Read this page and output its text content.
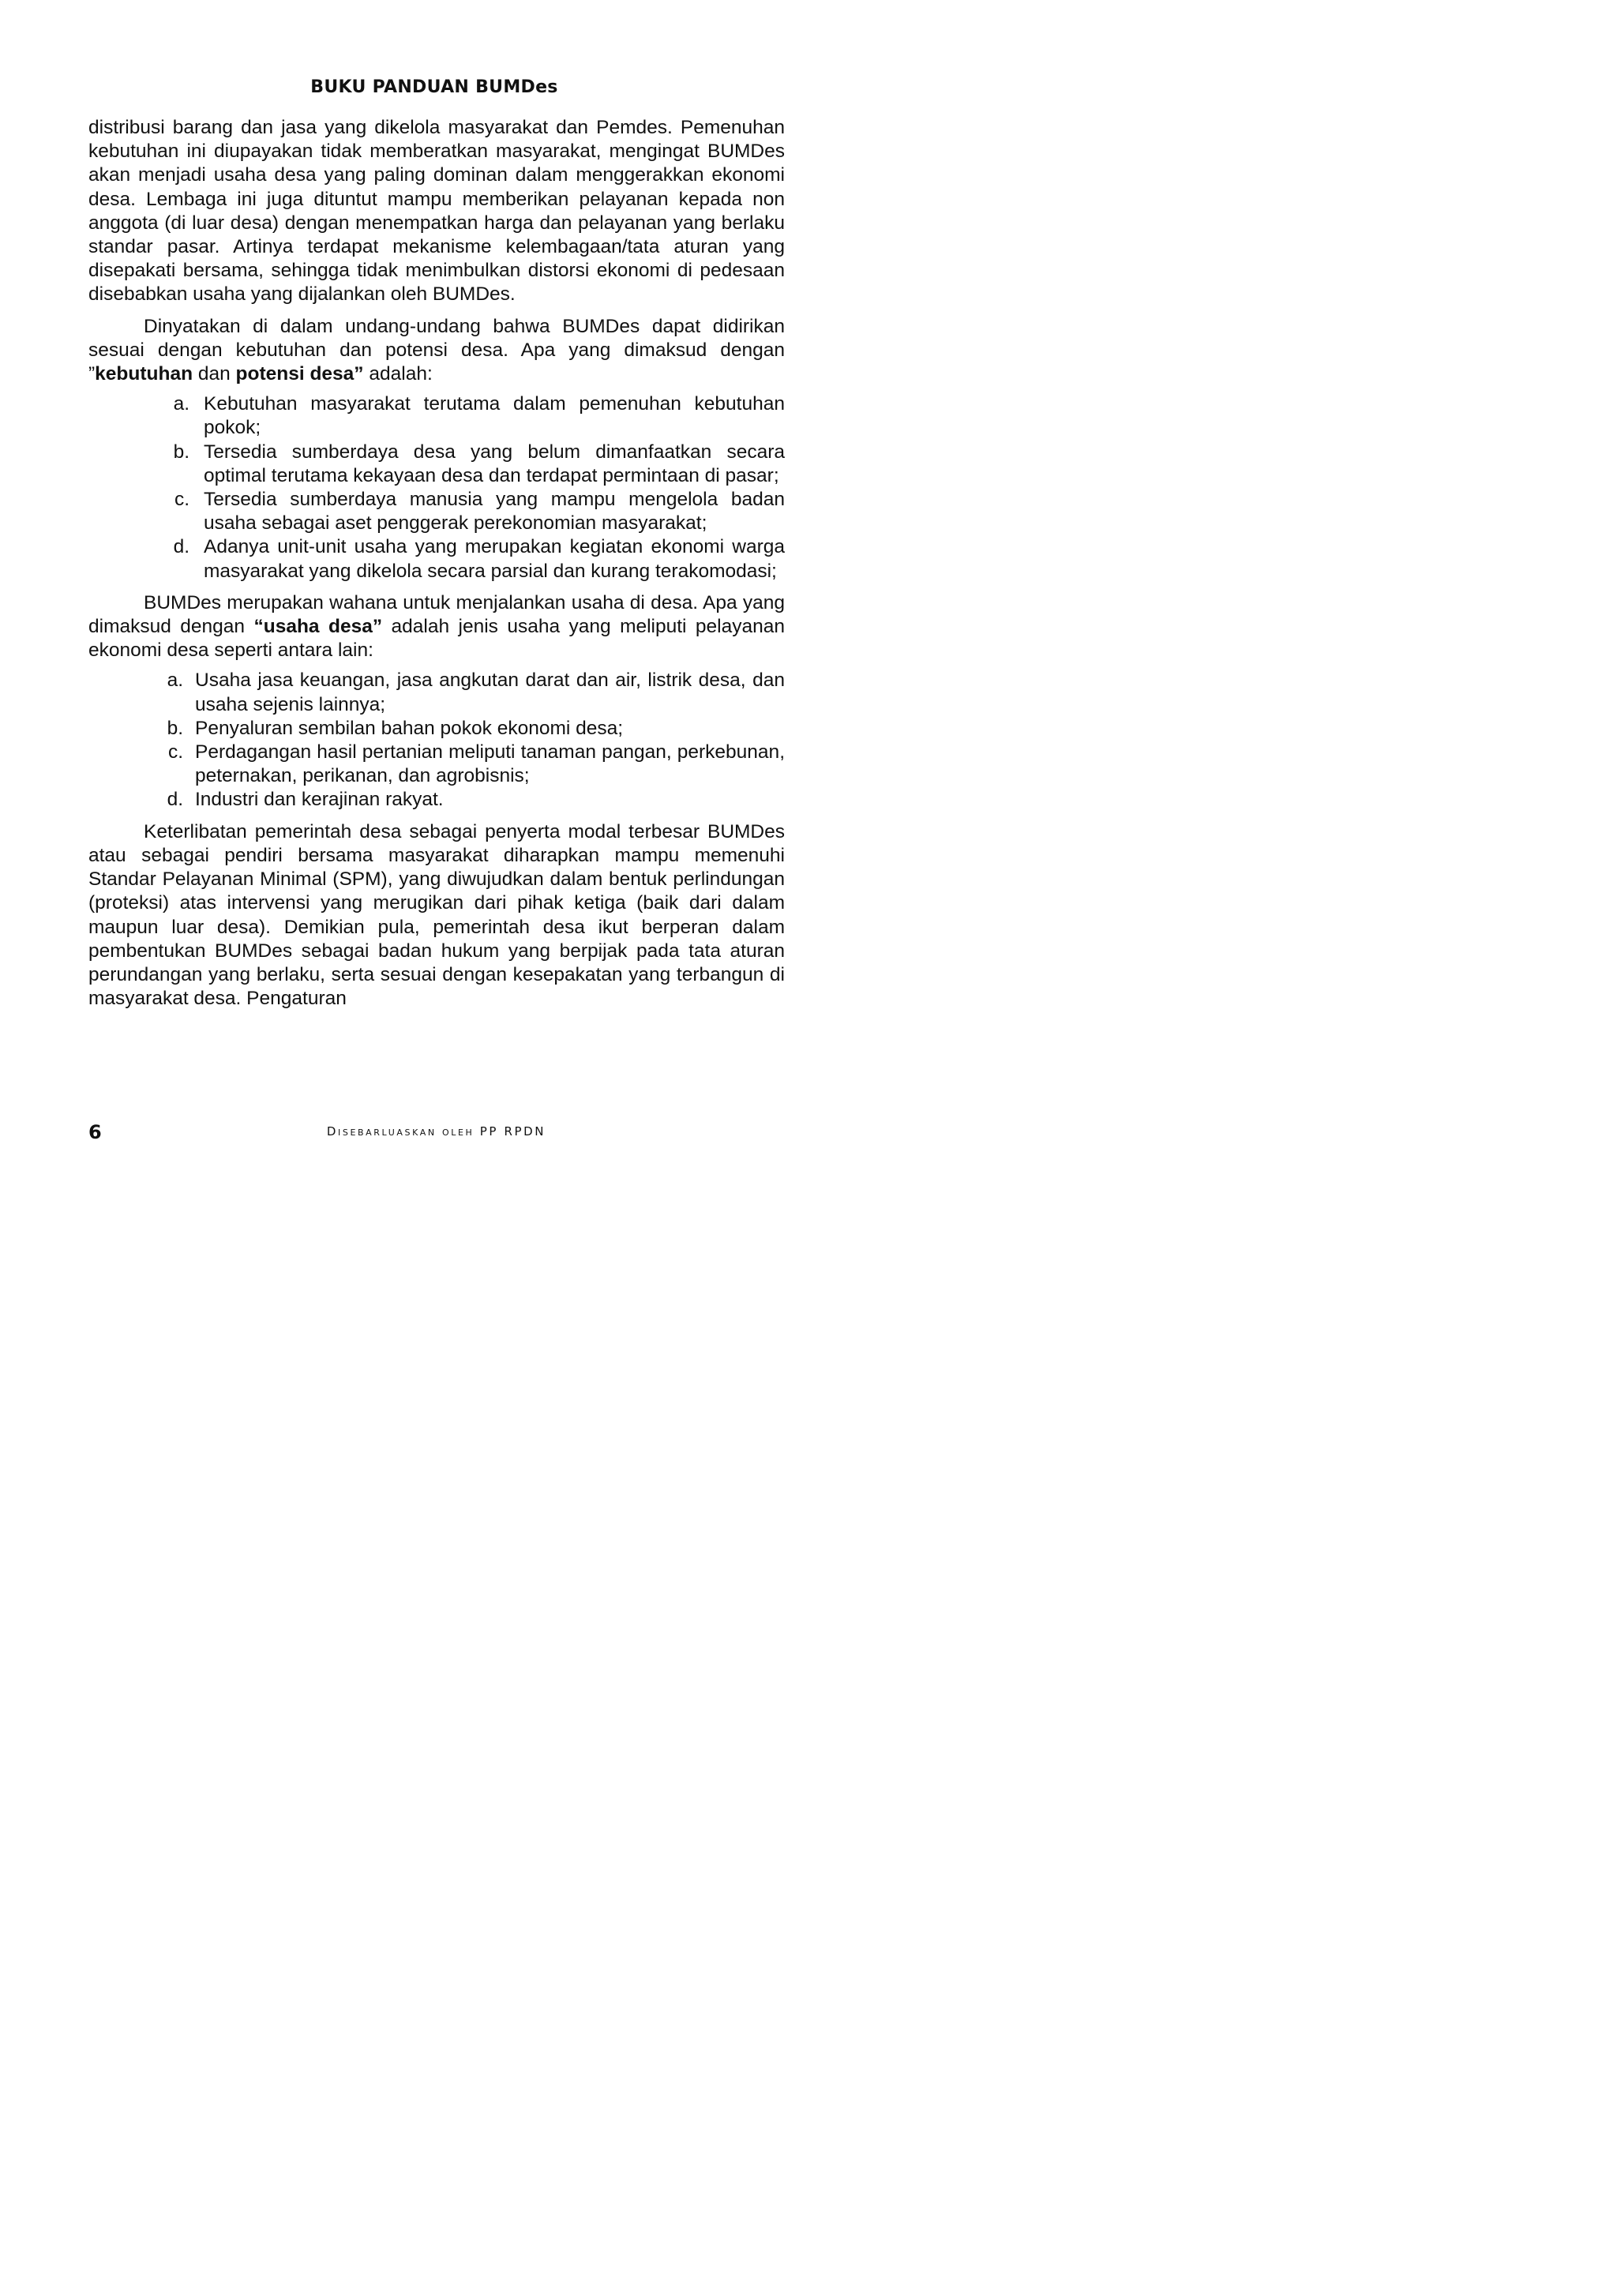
BUKU PANDUAN BUMDes

distribusi barang dan jasa yang dikelola masyarakat dan Pemdes. Pemenuhan kebutuhan ini diupayakan tidak memberatkan masyarakat, mengingat BUMDes akan menjadi usaha desa yang paling dominan dalam menggerakkan ekonomi desa. Lembaga ini juga dituntut mampu memberikan pelayanan kepada non anggota (di luar desa) dengan menempatkan harga dan pelayanan yang berlaku standar pasar. Artinya terdapat mekanisme kelembagaan/tata aturan yang disepakati bersama, sehingga tidak menimbulkan distorsi ekonomi di pedesaan disebabkan usaha yang dijalankan oleh BUMDes.

Dinyatakan di dalam undang-undang bahwa BUMDes dapat didirikan sesuai dengan kebutuhan dan potensi desa. Apa yang dimaksud dengan ”kebutuhan dan potensi desa” adalah:

a. Kebutuhan masyarakat terutama dalam pemenuhan kebutuhan pokok;
b. Tersedia sumberdaya desa yang belum dimanfaatkan secara optimal terutama kekayaan desa dan terdapat permintaan di pasar;
c. Tersedia sumberdaya manusia yang mampu mengelola badan usaha sebagai aset penggerak perekonomian masyarakat;
d. Adanya unit-unit usaha yang merupakan kegiatan ekonomi warga masyarakat yang dikelola secara parsial dan kurang terakomodasi;

BUMDes merupakan wahana untuk menjalankan usaha di desa. Apa yang dimaksud dengan “usaha desa” adalah jenis usaha yang meliputi pelayanan ekonomi desa seperti antara lain:

a. Usaha jasa keuangan, jasa angkutan darat dan air, listrik desa, dan usaha sejenis lainnya;
b. Penyaluran sembilan bahan pokok ekonomi desa;
c. Perdagangan hasil pertanian meliputi tanaman pangan, perkebunan, peternakan, perikanan, dan agrobisnis;
d. Industri dan kerajinan rakyat.

Keterlibatan pemerintah desa sebagai penyerta modal terbesar BUMDes atau sebagai pendiri bersama masyarakat diharapkan mampu memenuhi Standar Pelayanan Minimal (SPM), yang diwujudkan dalam bentuk perlindungan (proteksi) atas intervensi yang merugikan dari pihak ketiga (baik dari dalam maupun luar desa). Demikian pula, pemerintah desa ikut berperan dalam pembentukan BUMDes sebagai badan hukum yang berpijak pada tata aturan perundangan yang berlaku, serta sesuai dengan kesepakatan yang terbangun di masyarakat desa. Pengaturan

6	Disebarluaskan oleh PP RPDN
